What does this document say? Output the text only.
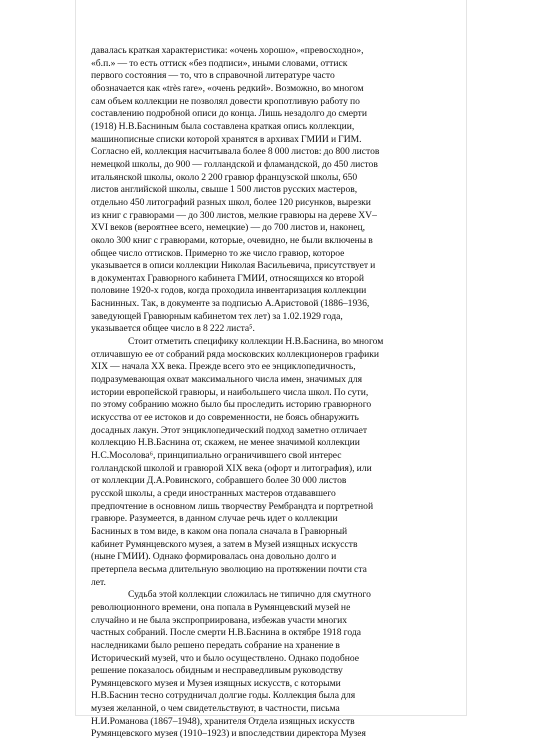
давалась краткая характеристика: «очень хорошо», «превосходно»,

«б.п.» — то есть оттиск «без подписи», иными словами, оттиск

первого состояния — то, что в справочной литературе часто

обозначается как «très rare», «очень редкий». Возможно, во многом

сам объем коллекции не позволял довести кропотливую работу по

составлению подробной описи до конца. Лишь незадолго до смерти

(1918) Н.В.Басниным была составлена краткая опись коллекции,

машинописные списки которой хранятся в архивах ГМИИ и ГИМ.

Согласно ей, коллекция насчитывала более 8 000 листов: до 800 листов

немецкой школы, до 900 — голландской и фламандской, до 450 листов

итальянской школы, около 2 200 гравюр французской школы, 650

листов английской школы, свыше 1 500 листов русских мастеров,

отдельно 450 литографий разных школ, более 120 рисунков, вырезки

из книг с гравюрами — до 300 листов, мелкие гравюры на дереве XV–

XVI веков (вероятнее всего, немецкие) — до 700 листов и, наконец,

около 300 книг с гравюрами, которые, очевидно, не были включены в

общее число оттисков. Примерно то же число гравюр, которое

указывается в описи коллекции Николая Васильевича, присутствует и

в документах Гравюрного кабинета ГМИИ, относящихся ко второй

половине 1920-х годов, когда проходила инвентаризация коллекции

Баснинных. Так, в документе за подписью А.Аристовой (1886–1936,

заведующей Гравюрным кабинетом тех лет) за 1.02.1929 года,

указывается общее число в 8 222 листа⁵.

Стоит отметить специфику коллекции Н.В.Баснина, во многом

отличавшую ее от собраний ряда московских коллекционеров графики

XIX — начала XX века. Прежде всего это ее энциклопедичность,

подразумевающая охват максимального числа имен, значимых для

истории европейской гравюры, и наибольшего числа школ. По сути,

по этому собранию можно было бы проследить историю гравюрного

искусства от ее истоков и до современности, не боясь обнаружить

досадных лакун. Этот энциклопедический подход заметно отличает

коллекцию Н.В.Баснина от, скажем, не менее значимой коллекции

Н.С.Мосолова⁶, принципиально ограничившего свой интерес

голландской школой и гравюрой XIX века (офорт и литография), или

от коллекции Д.А.Ровинского, собравшего более 30 000 листов

русской школы, а среди иностранных мастеров отдававшего

предпочтение в основном лишь творчеству Рембрандта и портретной

гравюре. Разумеется, в данном случае речь идет о коллекции

Басниных в том виде, в каком она попала сначала в Гравюрный

кабинет Румянцевского музея, а затем в Музей изящных искусств

(ныне ГМИИ). Однако формировалась она довольно долго и

претерпела весьма длительную эволюцию на протяжении почти ста

лет.

Судьба этой коллекции сложилась не типично для смутного

революционного времени, она попала в Румянцевский музей не

случайно и не была экспроприирована, избежав участи многих

частных собраний. После смерти Н.В.Баснина в октябре 1918 года

наследниками было решено передать собрание на хранение в

Исторический музей, что и было осуществлено. Однако подобное

решение показалось обидным и несправедливым руководству

Румянцевского музея и Музея изящных искусств, с которыми

Н.В.Баснин тесно сотрудничал долгие годы. Коллекция была для

музея желанной, о чем свидетельствуют, в частности, письма

Н.И.Романова (1867–1948), хранителя Отдела изящных искусств

Румянцевского музея (1910–1923) и впоследствии директора Музея
